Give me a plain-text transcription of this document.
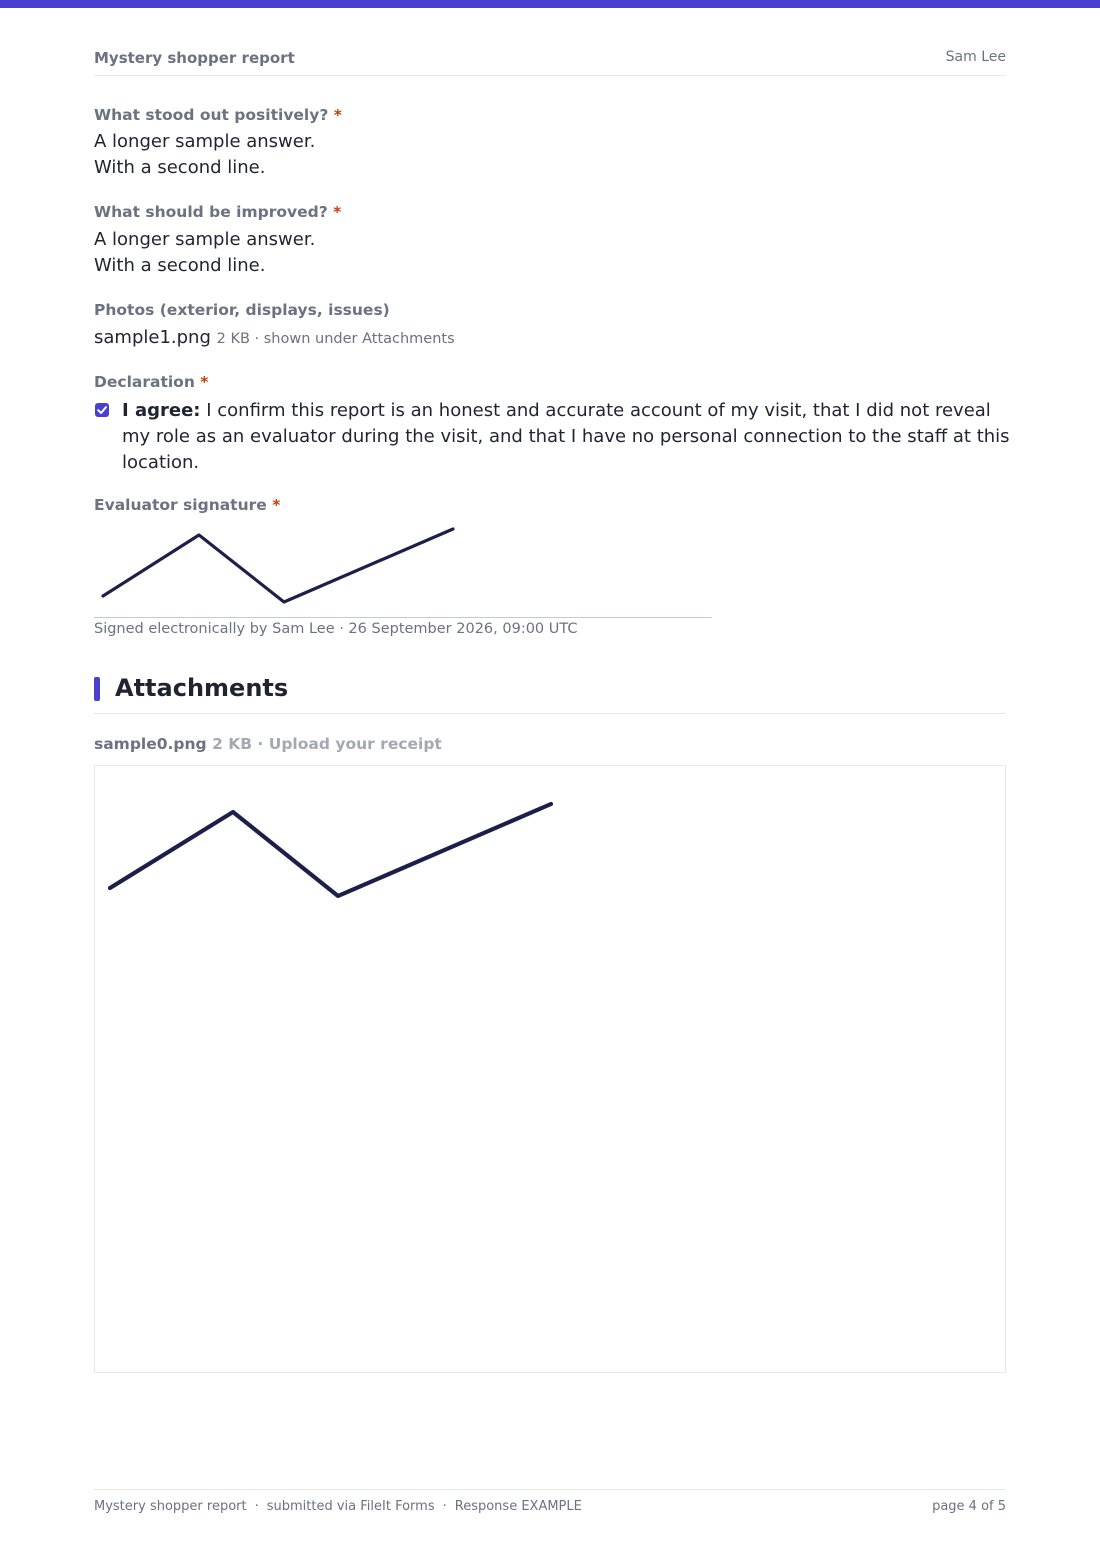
Mystery shopper report	Sam Lee
What stood out positively? *
A longer sample answer.
With a second line.
What should be improved? *
A longer sample answer.
With a second line.
Photos (exterior, displays, issues)
sample1.png 2 KB · shown under Attachments
Declaration *
I agree: I confirm this report is an honest and accurate account of my visit, that I did not reveal my role as an evaluator during the visit, and that I have no personal connection to the staff at this location.
Evaluator signature *
Signed electronically by Sam Lee · 26 September 2026, 09:00 UTC
Attachments
sample0.png 2 KB · Upload your receipt
Mystery shopper report · submitted via FileIt Forms · Response EXAMPLE	page 4 of 5
